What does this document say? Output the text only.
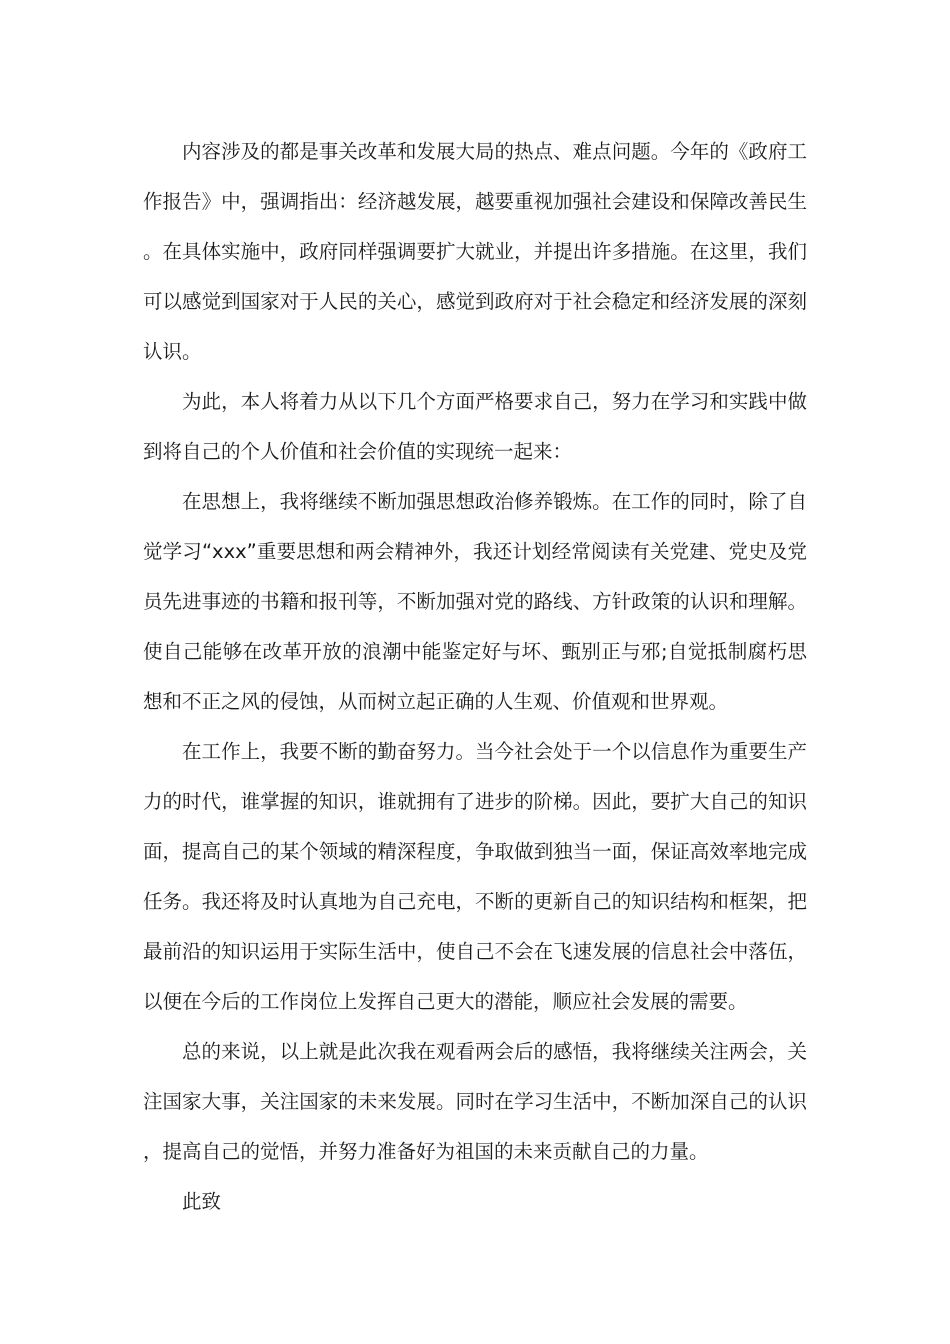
内容涉及的都是事关改革和发展大局的热点、难点问题。今年的《政府工作报告》中，强调指出：经济越发展，越要重视加强社会建设和保障改善民生。在具体实施中，政府同样强调要扩大就业，并提出许多措施。在这里，我们可以感觉到国家对于人民的关心，感觉到政府对于社会稳定和经济发展的深刻认识。

为此，本人将着力从以下几个方面严格要求自己，努力在学习和实践中做到将自己的个人价值和社会价值的实现统一起来：

在思想上，我将继续不断加强思想政治修养锻炼。在工作的同时，除了自觉学习“xxx”重要思想和两会精神外，我还计划经常阅读有关党建、党史及党员先进事迹的书籍和报刊等，不断加强对党的路线、方针政策的认识和理解。使自己能够在改革开放的浪潮中能鉴定好与坏、甄别正与邪;自觉抵制腐朽思想和不正之风的侵蚀，从而树立起正确的人生观、价值观和世界观。

在工作上，我要不断的勤奋努力。当今社会处于一个以信息作为重要生产力的时代，谁掌握的知识，谁就拥有了进步的阶梯。因此，要扩大自己的知识面，提高自己的某个领域的精深程度，争取做到独当一面，保证高效率地完成任务。我还将及时认真地为自己充电，不断的更新自己的知识结构和框架，把最前沿的知识运用于实际生活中，使自己不会在飞速发展的信息社会中落伍，以便在今后的工作岗位上发挥自己更大的潜能，顺应社会发展的需要。

总的来说，以上就是此次我在观看两会后的感悟，我将继续关注两会，关注国家大事，关注国家的未来发展。同时在学习生活中，不断加深自己的认识，提高自己的觉悟，并努力准备好为祖国的未来贡献自己的力量。

此致
